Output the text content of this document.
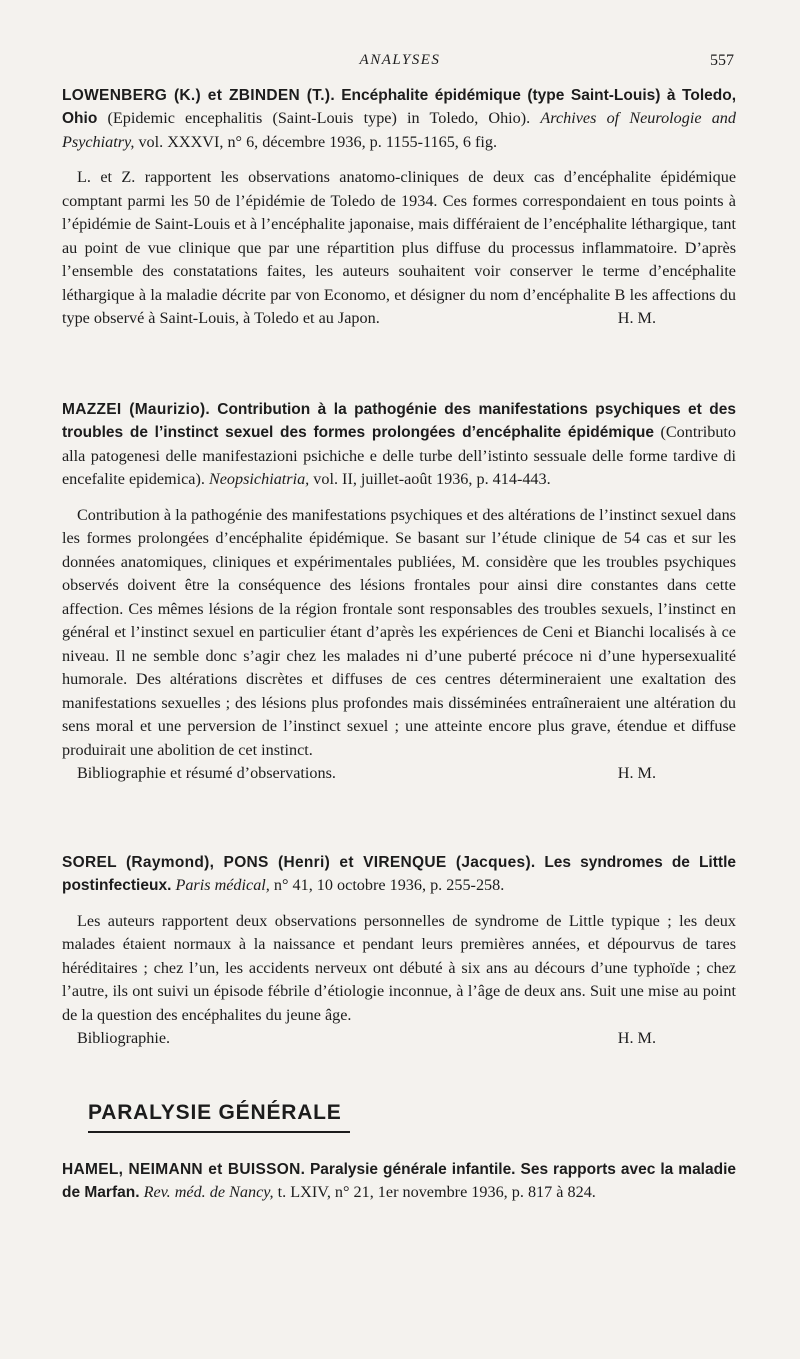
ANALYSES	557
LOWENBERG (K.) et ZBINDEN (T.). Encéphalite épidémique (type Saint-Louis) à Toledo, Ohio (Epidemic encephalitis (Saint-Louis type) in Toledo, Ohio). Archives of Neurologie and Psychiatry, vol. XXXVI, n° 6, décembre 1936, p. 1155-1165, 6 fig.

L. et Z. rapportent les observations anatomo-cliniques de deux cas d’encéphalite épidémique comptant parmi les 50 de l’épidémie de Toledo de 1934. Ces formes correspondaient en tous points à l’épidémie de Saint-Louis et à l’encéphalite japonaise, mais différaient de l’encéphalite léthargique, tant au point de vue clinique que par une répartition plus diffuse du processus inflammatoire. D’après l’ensemble des constatations faites, les auteurs souhaitent voir conserver le terme d’encéphalite léthargique à la maladie décrite par von Economo, et désigner du nom d’encéphalite B les affections du type observé à Saint-Louis, à Toledo et au Japon.	H. M.

MAZZEI (Maurizio). Contribution à la pathogénie des manifestations psychiques et des troubles de l’instinct sexuel des formes prolongées d’encéphalite épidémique (Contributo alla patogenesi delle manifestazioni psichiche e delle turbe dell’istinto sessuale delle forme tardive di encefalite epidemica). Neopsichiatria, vol. II, juillet-août 1936, p. 414-443.

Contribution à la pathogénie des manifestations psychiques et des altérations de l’instinct sexuel dans les formes prolongées d’encéphalite épidémique. Se basant sur l’étude clinique de 54 cas et sur les données anatomiques, cliniques et expérimentales publiées, M. considère que les troubles psychiques observés doivent être la conséquence des lésions frontales pour ainsi dire constantes dans cette affection. Ces mêmes lésions de la région frontale sont responsables des troubles sexuels, l’instinct en général et l’instinct sexuel en particulier étant d’après les expériences de Ceni et Bianchi localisés à ce niveau. Il ne semble donc s’agir chez les malades ni d’une puberté précoce ni d’une hypersexualité humorale. Des altérations discrètes et diffuses de ces centres détermineraient une exaltation des manifestations sexuelles ; des lésions plus profondes mais disséminées entraîneraient une altération du sens moral et une perversion de l’instinct sexuel ; une atteinte encore plus grave, étendue et diffuse produirait une abolition de cet instinct.

Bibliographie et résumé d’observations.	H. M.
SOREL (Raymond), PONS (Henri) et VIRENQUE (Jacques). Les syndromes de Little postinfectieux. Paris médical, n° 41, 10 octobre 1936, p. 255-258.

Les auteurs rapportent deux observations personnelles de syndrome de Little typique ; les deux malades étaient normaux à la naissance et pendant leurs premières années, et dépourvus de tares héréditaires ; chez l’un, les accidents nerveux ont débuté à six ans au décours d’une typhoïde ; chez l’autre, ils ont suivi un épisode fébrile d’étiologie inconnue, à l’âge de deux ans. Suit une mise au point de la question des encéphalites du jeune âge.

Bibliographie.	H. M.
PARALYSIE GÉNÉRALE
HAMEL, NEIMANN et BUISSON. Paralysie générale infantile. Ses rapports avec la maladie de Marfan. Rev. méd. de Nancy, t. LXIV, n° 21, 1er novembre 1936, p. 817 à 824.
